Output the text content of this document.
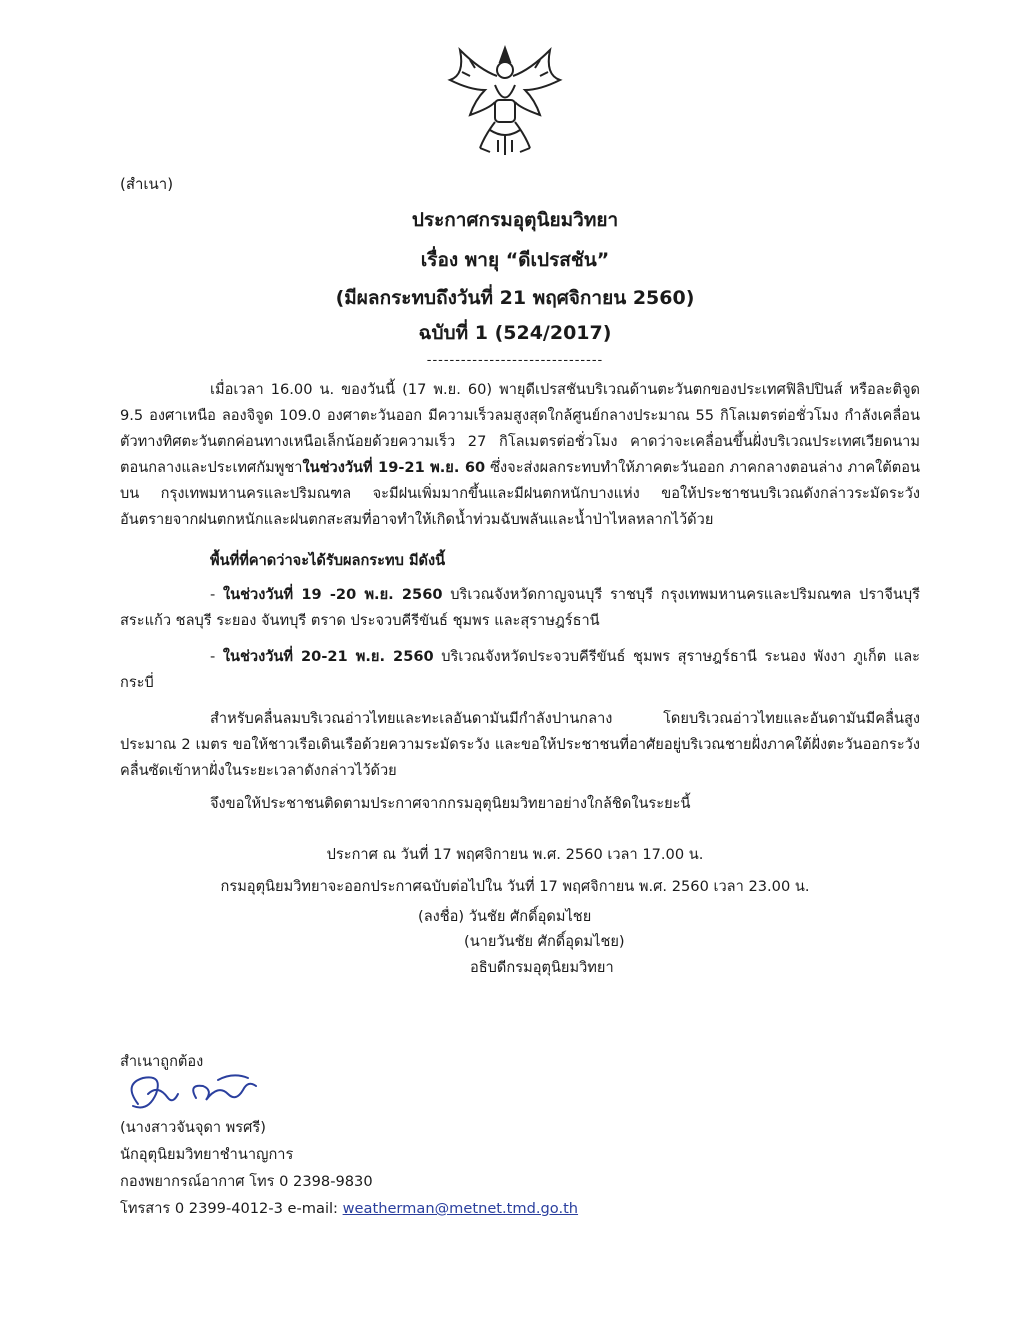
(สำเนา)
ประกาศกรมอุตุนิยมวิทยา
เรื่อง พายุ “ดีเปรสชัน”
(มีผลกระทบถึงวันที่ 21 พฤศจิกายน 2560)
ฉบับที่ 1 (524/2017)
-------------------------------

เมื่อเวลา 16.00 น. ของวันนี้ (17 พ.ย. 60) พายุดีเปรสชันบริเวณด้านตะวันตกของประเทศฟิลิปปินส์ หรือละติจูด 9.5 องศาเหนือ ลองจิจูด 109.0 องศาตะวันออก มีความเร็วลมสูงสุดใกล้ศูนย์กลางประมาณ 55 กิโลเมตรต่อชั่วโมง กำลังเคลื่อนตัวทางทิศตะวันตกค่อนทางเหนือเล็กน้อยด้วยความเร็ว 27 กิโลเมตรต่อชั่วโมง คาดว่าจะเคลื่อนขึ้นฝั่งบริเวณประเทศเวียดนามตอนกลางและประเทศกัมพูชาในช่วงวันที่ 19-21 พ.ย. 60 ซึ่งจะส่งผลกระทบทำให้ภาคตะวันออก ภาคกลางตอนล่าง ภาคใต้ตอนบน กรุงเทพมหานครและปริมณฑล จะมีฝนเพิ่มมากขึ้นและมีฝนตกหนักบางแห่ง ขอให้ประชาชนบริเวณดังกล่าวระมัดระวังอันตรายจากฝนตกหนักและฝนตกสะสมที่อาจทำให้เกิดน้ำท่วมฉับพลันและน้ำป่าไหลหลากไว้ด้วย

พื้นที่ที่คาดว่าจะได้รับผลกระทบ มีดังนี้

- ในช่วงวันที่ 19 -20 พ.ย. 2560 บริเวณจังหวัดกาญจนบุรี ราชบุรี กรุงเทพมหานครและปริมณฑล ปราจีนบุรี สระแก้ว ชลบุรี ระยอง จันทบุรี ตราด ประจวบคีรีขันธ์ ชุมพร และสุราษฎร์ธานี

- ในช่วงวันที่ 20-21 พ.ย. 2560 บริเวณจังหวัดประจวบคีรีขันธ์ ชุมพร สุราษฎร์ธานี ระนอง พังงา ภูเก็ต และกระบี่

สำหรับคลื่นลมบริเวณอ่าวไทยและทะเลอันดามันมีกำลังปานกลาง โดยบริเวณอ่าวไทยและอันดามันมีคลื่นสูงประมาณ 2 เมตร ขอให้ชาวเรือเดินเรือด้วยความระมัดระวัง และขอให้ประชาชนที่อาศัยอยู่บริเวณชายฝั่งภาคใต้ฝั่งตะวันออกระวังคลื่นซัดเข้าหาฝั่งในระยะเวลาดังกล่าวไว้ด้วย

จึงขอให้ประชาชนติดตามประกาศจากกรมอุตุนิยมวิทยาอย่างใกล้ชิดในระยะนี้

ประกาศ ณ วันที่ 17 พฤศจิกายน พ.ศ. 2560 เวลา 17.00 น.
กรมอุตุนิยมวิทยาจะออกประกาศฉบับต่อไปใน วันที่ 17 พฤศจิกายน พ.ศ. 2560 เวลา 23.00 น.
(ลงชื่อ) วันชัย ศักดิ์อุดมไชย
(นายวันชัย ศักดิ์อุดมไชย)
อธิบดีกรมอุตุนิยมวิทยา
สำเนาถูกต้อง
(นางสาวจันจุดา พรศรี)
นักอุตุนิยมวิทยาชำนาญการ
กองพยากรณ์อากาศ โทร 0 2398-9830
โทรสาร 0 2399-4012-3 e-mail: weatherman@metnet.tmd.go.th
